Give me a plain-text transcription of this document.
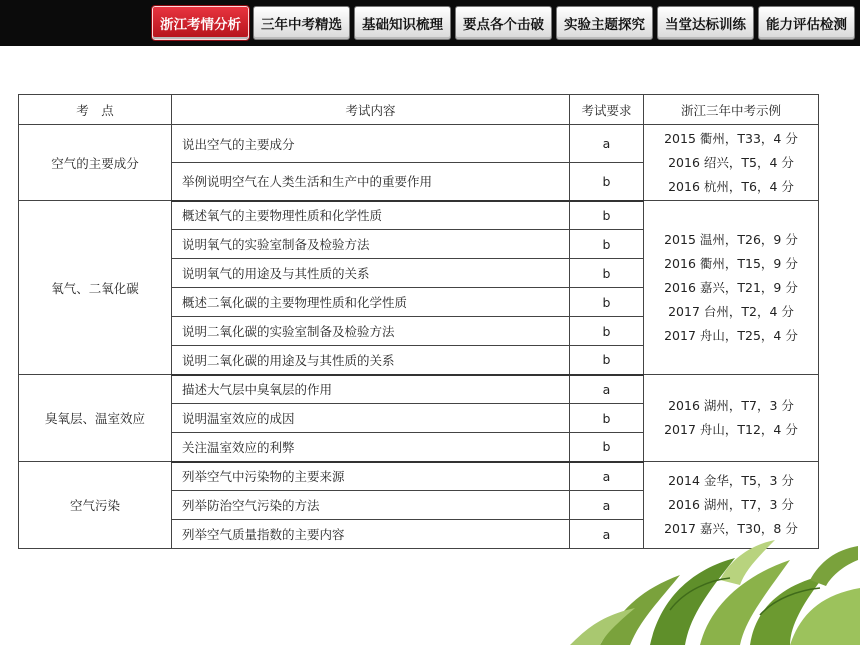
浙江考情分析	三年中考精选	基础知识梳理	要点各个击破	实验主题探究	当堂达标训练	能力评估检测
考　点	考试内容	考试要求	浙江三年中考示例
空气的主要成分	说出空气的主要成分	a	2015 衢州，T33，4 分
2016 绍兴，T5，4 分
2016 杭州，T6，4 分

	举例说明空气在人类生活和生产中的重要作用	b	
氧气、二氧化碳	概述氧气的主要物理性质和化学性质	b	2015 温州，T26，9 分
2016 衢州，T15，9 分
2016 嘉兴，T21，9 分
2017 台州，T2，4 分
2017 舟山，T25，4 分

	说明氧气的实验室制备及检验方法	b	
	说明氧气的用途及与其性质的关系	b	
	概述二氧化碳的主要物理性质和化学性质	b	
	说明二氧化碳的实验室制备及检验方法	b	
	说明二氧化碳的用途及与其性质的关系	b	
臭氧层、温室效应	描述大气层中臭氧层的作用	a	2016 湖州，T7，3 分
2017 舟山，T12，4 分

	说明温室效应的成因	b	
	关注温室效应的利弊	b	
空气污染	列举空气中污染物的主要来源	a	2014 金华，T5，3 分
2016 湖州，T7，3 分
2017 嘉兴，T30，8 分

	列举防治空气污染的方法	a	
	列举空气质量指数的主要内容	a	
